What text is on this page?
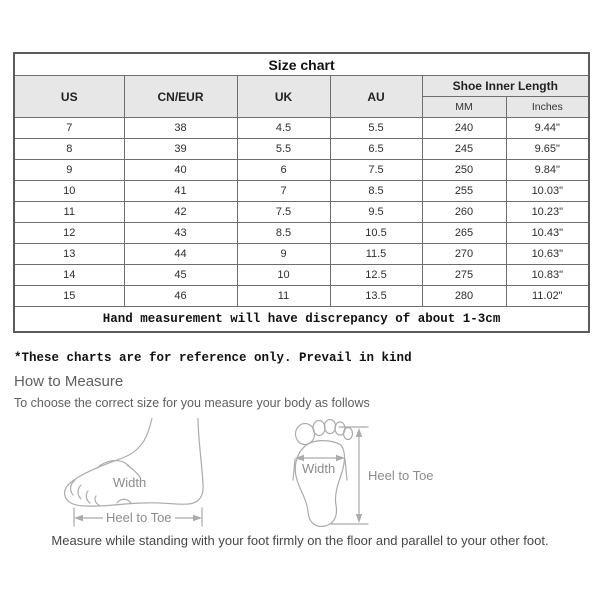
Size chart					
US	CN/EUR	UK	AU	Shoe Inner Length	
				MM	Inches
7	38	4.5	5.5	240	9.44"
8	39	5.5	6.5	245	9.65"
9	40	6	7.5	250	9.84"
10	41	7	8.5	255	10.03"
11	42	7.5	9.5	260	10.23"
12	43	8.5	10.5	265	10.43"
13	44	9	11.5	270	10.63"
14	45	10	12.5	275	10.83"
15	46	11	13.5	280	11.02"
Hand measurement will have discrepancy of about 1-3cm					
*These charts are for reference only. Prevail in kind
How to Measure
To choose the correct size for you measure your body as follows
Width
Heel to Toe
Width	Heel to Toe
Measure while standing with your foot firmly on the floor and parallel to your other foot.
